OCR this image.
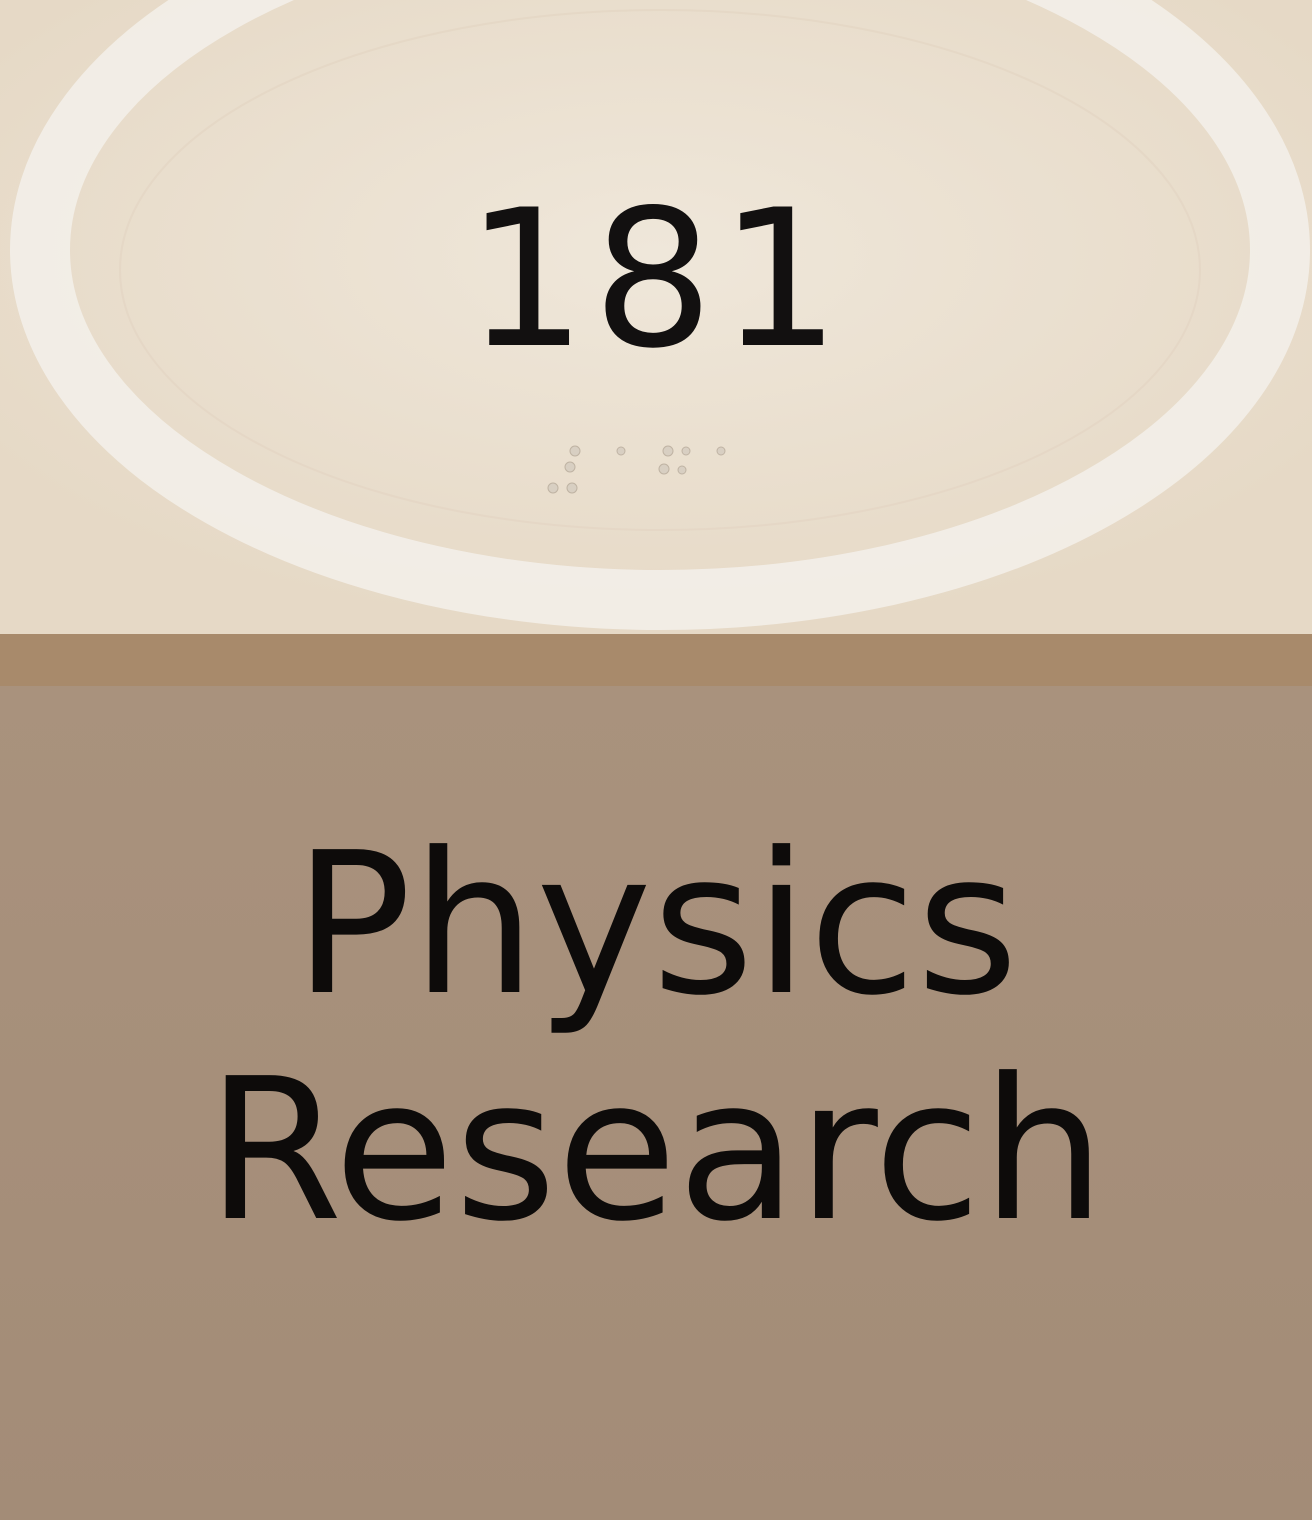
181
Physics
Research
